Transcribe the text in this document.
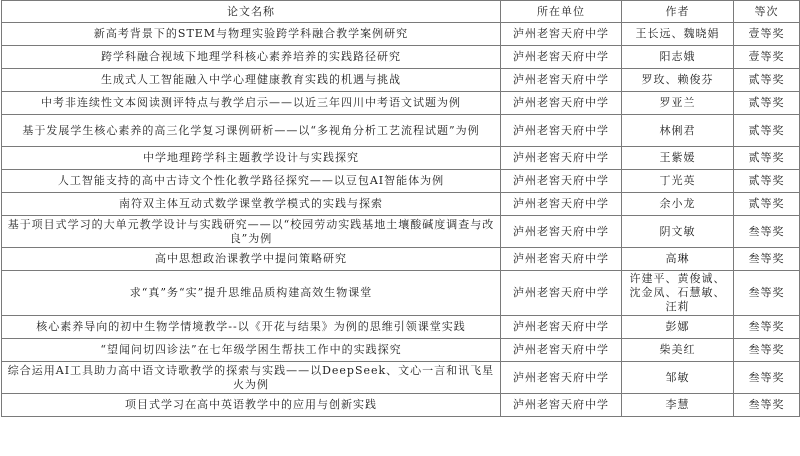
论文名称	所在单位	作者	等次
新高考背景下的STEM与物理实验跨学科融合教学案例研究	泸州老窖天府中学	王长远、魏晓娟	壹等奖
跨学科融合视域下地理学科核心素养培养的实践路径研究	泸州老窖天府中学	阳志娥	壹等奖
生成式人工智能融入中学心理健康教育实践的机遇与挑战	泸州老窖天府中学	罗玫、赖俊芬	贰等奖
中考非连续性文本阅读测评特点与教学启示——以近三年四川中考语文试题为例	泸州老窖天府中学	罗亚兰	贰等奖
基于发展学生核心素养的高三化学复习课例研析——以“多视角分析工艺流程试题”为例	泸州老窖天府中学	林俐君	贰等奖
中学地理跨学科主题教学设计与实践探究	泸州老窖天府中学	王紫媛	贰等奖
人工智能支持的高中古诗文个性化教学路径探究——以豆包AI智能体为例	泸州老窖天府中学	丁光英	贰等奖
南符双主体互动式数学课堂教学模式的实践与探索	泸州老窖天府中学	余小龙	贰等奖
基于项目式学习的大单元教学设计与实践研究——以“校园劳动实践基地土壤酸碱度调查与改良”为例	泸州老窖天府中学	阴文敏	叁等奖
高中思想政治课教学中提问策略研究	泸州老窖天府中学	高琳	叁等奖
求“真”务“实”提升思维品质构建高效生物课堂	泸州老窖天府中学	许建平、黄俊诚、沈金凤、石慧敏、汪莉	叁等奖
核心素养导向的初中生物学情境教学--以《开花与结果》为例的思维引领课堂实践	泸州老窖天府中学	彭娜	叁等奖
“望闻问切四诊法”在七年级学困生帮扶工作中的实践探究	泸州老窖天府中学	柴美红	叁等奖
综合运用AI工具助力高中语文诗歌教学的探索与实践——以DeepSeek、文心一言和讯飞星火为例	泸州老窖天府中学	邹敏	叁等奖
项目式学习在高中英语教学中的应用与创新实践	泸州老窖天府中学	李慧	叁等奖
